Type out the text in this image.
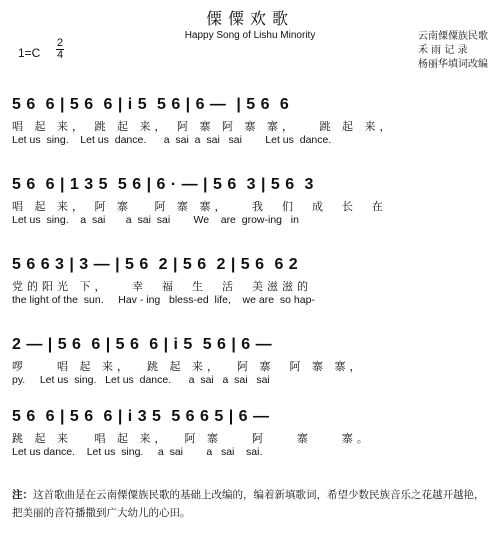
傈僳欢歌
Happy Song of Lishu Minority	云南傈僳族民歌
禾 雨 记 录
杨丽华填词改编
1=C
2
4
5 6  6 | 5 6  6 | i 5  5 6 | 6 —  | 5 6  6
唱 起 来， 跳 起 来， 阿 寨 阿 寨 寨，   跳 起 来，
Let us  sing.    Let us  dance.      a  sai  a  sai   sai        Let us  dance.
5 6  6 | 1 3 5  5 6 | 6 · — | 5 6  3 | 5 6  3
唱 起 来， 阿 寨   阿 寨 寨，   我  们  成  长  在
Let us  sing.    a  sai       a  sai  sai        We    are  grow-ing   in
5 6 6 3 | 3 — | 5 6  2 | 5 6  2 | 5 6  6 2
党的阳光 下，   幸  福  生  活  美滋滋的
the light of the  sun.     Hav - ing   bless-ed  life,    we are  so hap-
2 — | 5 6  6 | 5 6  6 | i 5  5 6 | 6 —
啰    唱 起 来，  跳 起 来，  阿 寨  阿 寨 寨，
py.     Let us  sing.   Let us  dance.      a  sai   a  sai   sai
5 6  6 | 5 6  6 | i 3 5  5 6 6 5 | 6 —
跳 起 来   唱 起 来，  阿 寨    阿    寨    寨。
Let us dance.    Let us  sing.     a  sai        a   sai    sai.
注：这首歌曲是在云南傈僳族民歌的基础上改编的，编着新填歌词，希望少数民族音乐之花越开越艳，把美丽的音符播撒到广大幼儿的心田。
